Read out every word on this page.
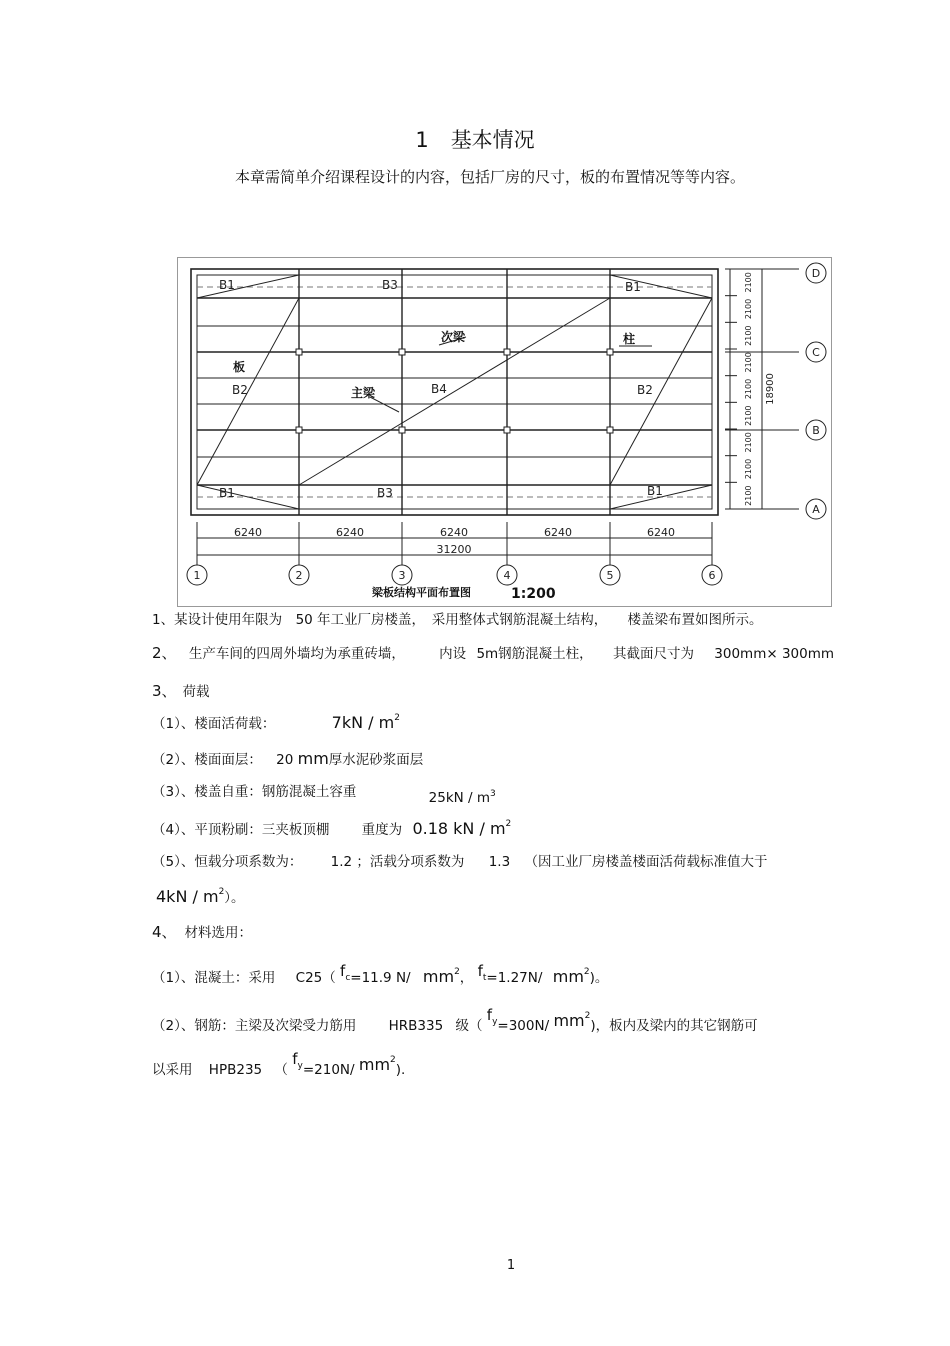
1 基本情况
本章需简单介绍课程设计的内容，包括厂房的尺寸，板的布置情况等等内容。
B1	B3	B1
B2	B4	B2
B1	B3	B1
板
次梁	柱
主梁
D
C
B
A
18900
2100
2100
2100
2100
2100
2100
2100
2100
2100
6240	6240	6240	6240	6240
31200
1	2	3	4	5	6
梁板结构平面布置图	1:200
1、某设计使用年限为　50 年工业厂房楼盖，　采用整体式钢筋混凝土结构，　　楼盖梁布置如图所示。
2、 生产车间的四周外墙均为承重砖墙，	内设 5m钢筋混凝土柱， 其截面尺寸为 300mm× 300mm
3、 荷载
（1）、楼面活荷载：	$7kN / m^2$
（2）、楼面面层： 20 mm厚水泥砂浆面层
（3）、楼盖自重：钢筋混凝土容重	25kN / m3
（4）、平顶粉刷：三夹板顶棚 重度为 0.18 kN / $m^2$
（5）、恒载分项系数为： 1.2 ；活载分项系数为 1.3 （因工业厂房楼盖楼面活荷载标准值大于
$4kN / m^2$）。
4、 材料选用：
（1）、混凝土：采用 C25（ fc=11.9 N/ $mm^2$， ft=1.27N/ $mm^2$)。
（2）、钢筋：主梁及次梁受力筋用 HRB335 级（ $f^y=300N/$ $mm^2$)，板内及梁内的其它钢筋可
以采用 HPB235 （ $f^y=210N/$ $mm^2$).
1
